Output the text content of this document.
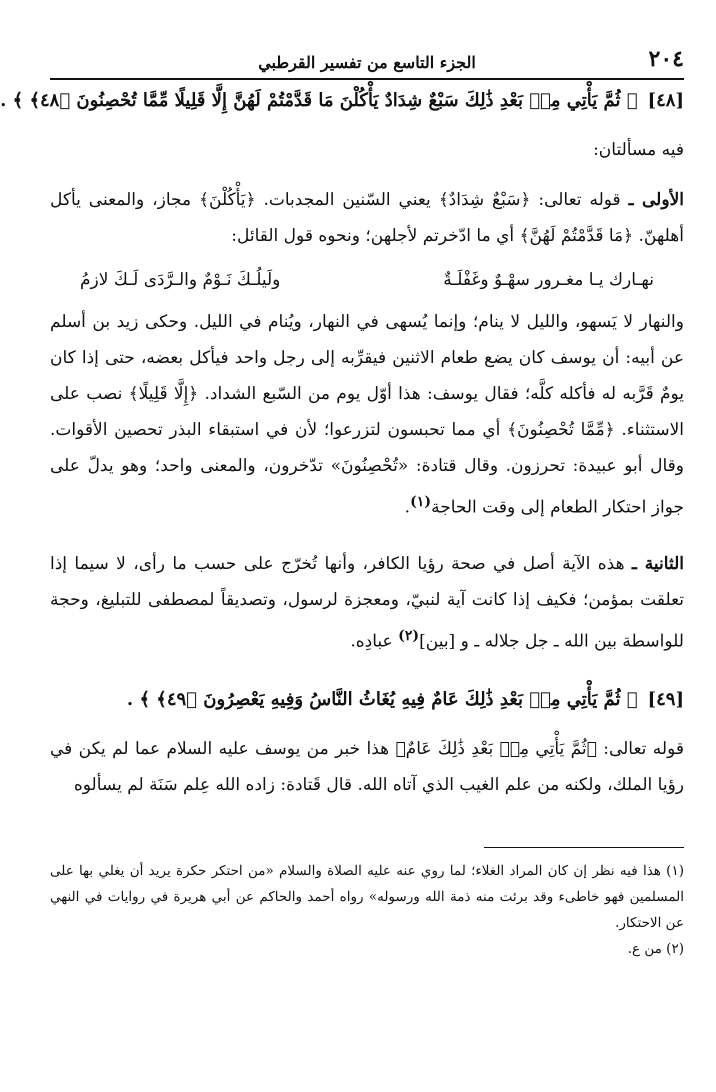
٢٠٤
الجزء التاسع من تفسير القرطبي
[٤٨]﴿ ثُمَّ يَأْتِي مِنۢ بَعْدِ ذَٰلِكَ سَبْعٌ شِدَادٌ يَأْكُلْنَ مَا قَدَّمْتُمْ لَهُنَّ إِلَّا قَلِيلًا مِّمَّا تُحْصِنُونَ ﴿٤٨﴾ ﴾ .

فيه مسألتان:

الأولى ـ قوله تعالى: ﴿سَبْعٌ شِدَادٌ﴾ يعني السّنين المجدبات. ﴿يَأْكُلْنَ﴾ مجاز، والمعنى يأكل أهلهنّ. ﴿مَا قَدَّمْتُمْ لَهُنَّ﴾ أي ما ادّخرتم لأجلهن؛ ونحوه قول القائل:

نهـارك يـا مغـرور سهْـوٌ وغَفْلَـةٌ
ولَيلُـكَ نَـوْمٌ والـرَّدَى لَـكَ لازمُ

والنهار لا يَسهو، والليل لا ينام؛ وإنما يُسهى في النهار، ويُنام في الليل. وحكى زيد بن أسلم عن أبيه: أن يوسف كان يضع طعام الاثنين فيقرِّبه إلى رجل واحد فيأكل بعضه، حتى إذا كان يومٌ قَرَّبه له فأكله كلَّه؛ فقال يوسف: هذا أوّل يوم من السّبع الشداد. ﴿إِلَّا قَلِيلًا﴾ نصب على الاستثناء. ﴿مِّمَّا تُحْصِنُونَ﴾ أي مما تحبسون لتزرعوا؛ لأن في استبقاء البذر تحصين الأقوات. وقال أبو عبيدة: تحرزون. وقال قتادة: «تُحْصِنُونَ» تدّخرون، والمعنى واحد؛ وهو يدلّ على جواز احتكار الطعام إلى وقت الحاجة$^{(١)}$.

الثانية ـ هذه الآية أصل في صحة رؤيا الكافر، وأنها تُخرّج على حسب ما رأى، لا سيما إذا تعلقت بمؤمن؛ فكيف إذا كانت آية لنبيّ، ومعجزة لرسول، وتصديقاً لمصطفى للتبليغ، وحجة للواسطة بين الله ـ جل جلاله ـ و [بين]$^{(٢)}$ عبادِه.

[٤٩]﴿ ثُمَّ يَأْتِي مِنۢ بَعْدِ ذَٰلِكَ عَامٌ فِيهِ يُغَاثُ النَّاسُ وَفِيهِ يَعْصِرُونَ ﴿٤٩﴾ ﴾ .

قوله تعالى: ﴿ثُمَّ يَأْتِي مِنۢ بَعْدِ ذَٰلِكَ عَامٌ﴾ هذا خبر من يوسف عليه السلام عما لم يكن في رؤيا الملك، ولكنه من علم الغيب الذي آتاه الله. قال قَتادة: زاده الله عِلم سَنَة لم يسألوه

(١) هذا فيه نظر إن كان المراد الغلاء؛ لما روي عنه عليه الصلاة والسلام «من احتكر حكرة يريد أن يغلي بها على المسلمين فهو خاطىء وقد برئت منه ذمة الله ورسوله» رواه أحمد والحاكم عن أبي هريرة في روايات في النهي عن الاحتكار.

(٢) من ع.
